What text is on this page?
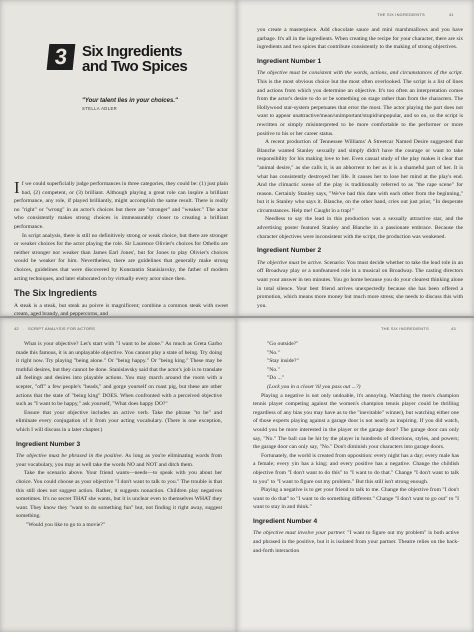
3 Six Ingredients
and Two Spices
"Your talent lies in your choices."
STELLA ADLER

If we could superficially judge performances in three categories, they could be: (1) just plain bad, (2) competent, or (3) brilliant. Although playing a great role can inspire a brilliant performance, any role, if played brilliantly, might accomplish the same result. There is really no "right" or "wrong" in an actor's choices but there are "stronger" and "weaker." The actor who consistently makes strong choices is immeasurably closer to creating a brilliant performance.

In script analysis, there is still no definitively strong or weak choice, but there are stronger or weaker choices for the actor playing the role. Sir Laurence Olivier's choices for Othello are neither stronger nor weaker than James Earl Jones', but for Jones to play Olivier's choices would be weaker for him. Nevertheless, there are guidelines that generally make strong choices, guidelines that were discovered by Konstantin Stanislavsky, the father of modern acting techniques, and later elaborated on by virtually every actor since then.

The Six Ingredients

A steak is a steak, but steak au poivre is magnificent; combine a common steak with sweet cream, aged brandy, and peppercorns, and

THE SIX INGREDIENTS	41

you create a masterpiece. Add chocolate sauce and mini marshmallows and you have garbage. It's all in the ingredients. When creating the recipe for your character, there are six ingredients and two spices that contribute consistently to the making of strong objectives.

Ingredient Number 1

The objective must be consistent with the words, actions, and circumstances of the script. This is the most obvious choice but the most often overlooked. The script is a list of lines and actions from which you determine an objective. It's too often an interpretation comes from the actor's desire to do or be something on stage rather than from the characters. The Hollywood star-system perpetuates that error the most. The actor playing the part does not want to appear unattractive/mean/unimportant/stupid/unpopular, and so on, so the script is rewritten or simply misinterpreted to be more comfortable to the performer or more positive to his or her career status.

A recent production of Tennessee Williams' A Streetcar Named Desire suggested that Blanche wanted Stanley sexually and simply didn't have the courage or want to take responsibility for his making love to her. Even casual study of the play makes it clear that "animal desire," as she calls it, is an abhorrent to her as it is a shameful part of her. It is what has consistently destroyed her life. It causes her to lose her mind at the play's end. And the climactic scene of the play is traditionally referred to as "the rape scene" for reason. Certainly Stanley says, "We've had this date with each other from the beginning," but it is Stanley who says it. Blanche, on the other hand, cries out just prior, "In desperate circumstances. Help me! Caught in a trap!"

Needless to say the lead in this production was a sexually attractive star, and the advertising poster featured Stanley and Blanche in a passionate embrace. Because the character objectives were inconsistent with the script, the production was weakened.

Ingredient Number 2

The objective must be active. Scenario: You must decide whether to take the lead role in an off Broadway play or a nonfeatured role in a musical on Broadway. The casting directors want your answer in ten minutes. You go home because you do your clearest thinking alone in total silence. Your best friend arrives unexpectedly because she has been offered a promotion, which means more money but much more stress; she needs to discuss this with you.

42 SCRIPT ANALYSIS FOR ACTORS

What is your objective? Let's start with "I want to be alone." As much as Greta Garbo made this famous, it is an unplayable objective. You cannot play a state of being. Try doing it right now. Try playing "being alone." Or "being happy." Or "being king." These may be truthful desires, but they cannot be done. Stanislavsky said that the actor's job is to translate all feelings and desires into playable actions. You may march around the room with a scepter, "off" a few people's "heads," and gorge yourself on roast pig, but these are other actions that the state of "being king" DOES. When confronted with a perceived objective such as "I want to be happy," ask yourself, "What does happy DO?"

Ensure that your objective includes an active verb. Take the phrase "to be" and eliminate every conjugation of it from your acting vocabulary. (There is one exception, which I will discuss in a later chapter.)

Ingredient Number 3

The objective must be phrased in the positive. As long as you're eliminating words from your vocabulary, you may as well take the words NO and NOT and ditch them.

Take the scenario above. Your friend wants—needs—to speak with you about her choice. You could choose as your objective "I don't want to talk to you." The trouble is that this still does not suggest action. Rather, it suggests nonaction. Children play negatives sometimes. It's no secret THAT she wants, but it is unclear even to themselves WHAT they want. They know they "want to do something fun" but, not finding it right away, suggest something.

"Would you like to go to a movie?"

THE SIX INGREDIENTS	43

"Go outside?"

"No."

"Stay inside?"

"No."

"Do ..."

(Lock you in a closet 'til you pass out ...?)

Playing a negative is not only undoable, it's annoying. Watching the men's champion tennis player competing against the women's champion tennis player could be thrilling regardless of any bias you may have as to the "inevitable" winner), but watching either one of those experts playing against a garage door is not nearly as inspiring. If you did watch, would you be more interested in the player or the garage door? The garage door can only say, "No." The ball can be hit by the player in hundreds of directions, styles, and powers; the garage door can only say, "No." Don't diminish your characters into garage doors.

Fortunately, the world is created from opposition: every night has a day; every male has a female; every yin has a king; and every positive has a negative. Change the childish objective from "I don't want to do this" to "I want to do that." Change "I don't want to talk to you" to "I want to figure out my problem." But this still isn't strong enough.

Playing a negative is to get your friend to talk to me. Change the objective from "I don't want to do that" to "I want to do something different." Change "I don't want to go out" to "I want to stay in and think."

Ingredient Number 4

The objective must involve your partner. "I want to figure out my problem" is both active and phrased in the positive, but it is isolated from your partner. Theatre relies on the back-and-forth interaction
